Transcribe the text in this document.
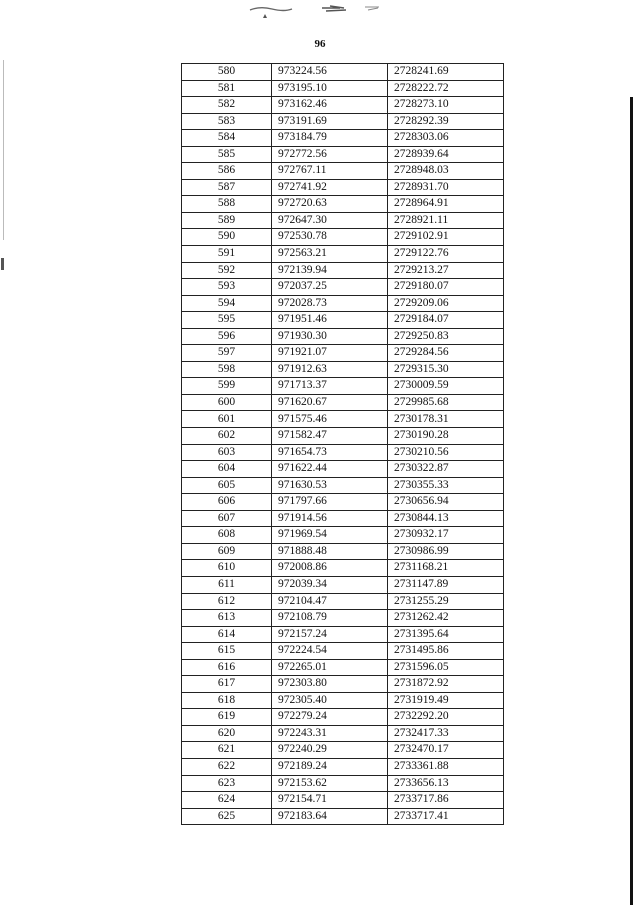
96
580	973224.56	2728241.69
581	973195.10	2728222.72
582	973162.46	2728273.10
583	973191.69	2728292.39
584	973184.79	2728303.06
585	972772.56	2728939.64
586	972767.11	2728948.03
587	972741.92	2728931.70
588	972720.63	2728964.91
589	972647.30	2728921.11
590	972530.78	2729102.91
591	972563.21	2729122.76
592	972139.94	2729213.27
593	972037.25	2729180.07
594	972028.73	2729209.06
595	971951.46	2729184.07
596	971930.30	2729250.83
597	971921.07	2729284.56
598	971912.63	2729315.30
599	971713.37	2730009.59
600	971620.67	2729985.68
601	971575.46	2730178.31
602	971582.47	2730190.28
603	971654.73	2730210.56
604	971622.44	2730322.87
605	971630.53	2730355.33
606	971797.66	2730656.94
607	971914.56	2730844.13
608	971969.54	2730932.17
609	971888.48	2730986.99
610	972008.86	2731168.21
611	972039.34	2731147.89
612	972104.47	2731255.29
613	972108.79	2731262.42
614	972157.24	2731395.64
615	972224.54	2731495.86
616	972265.01	2731596.05
617	972303.80	2731872.92
618	972305.40	2731919.49
619	972279.24	2732292.20
620	972243.31	2732417.33
621	972240.29	2732470.17
622	972189.24	2733361.88
623	972153.62	2733656.13
624	972154.71	2733717.86
625	972183.64	2733717.41
